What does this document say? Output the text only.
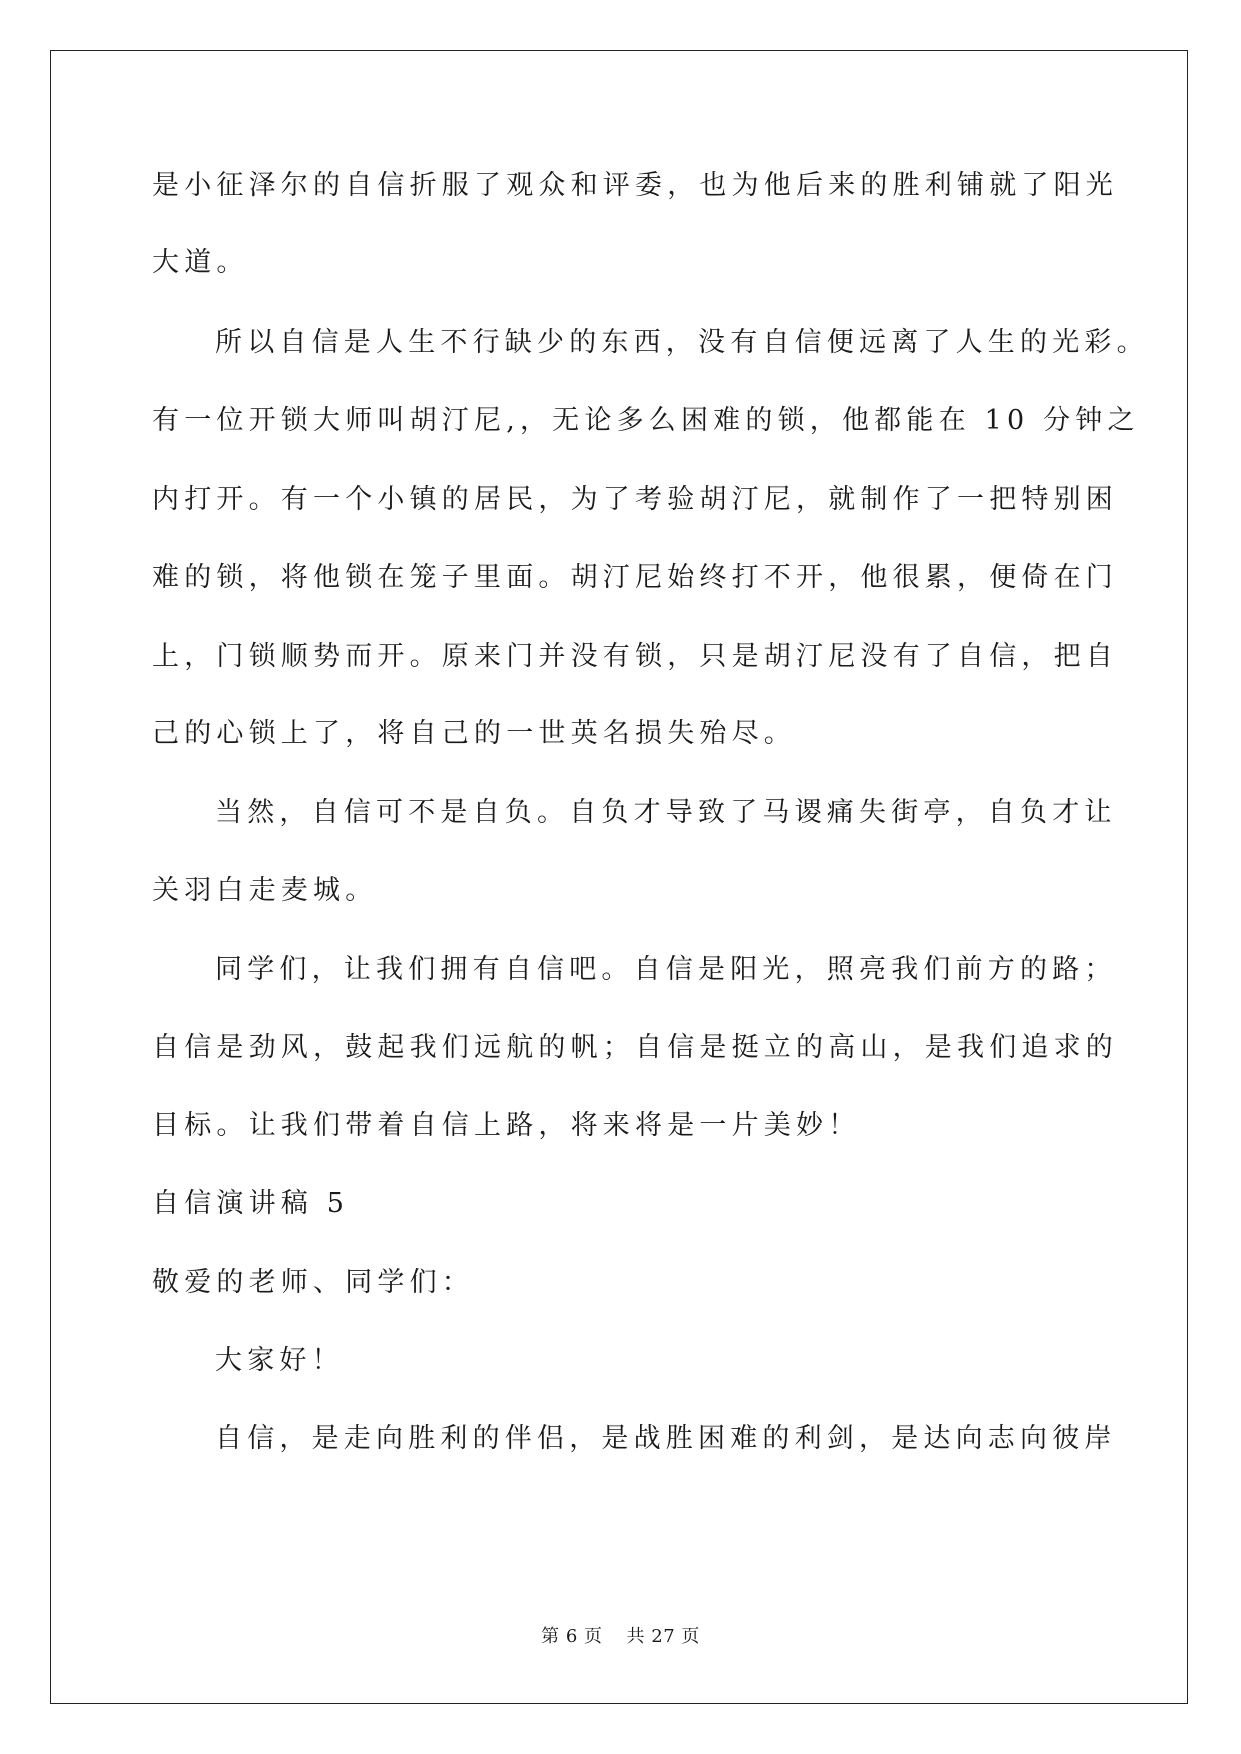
是小征泽尔的自信折服了观众和评委，也为他后来的胜利铺就了阳光
大道。
所以自信是人生不行缺少的东西，没有自信便远离了人生的光彩。
有一位开锁大师叫胡汀尼,，无论多么困难的锁，他都能在 10 分钟之
内打开。有一个小镇的居民，为了考验胡汀尼，就制作了一把特别困
难的锁，将他锁在笼子里面。胡汀尼始终打不开，他很累，便倚在门
上，门锁顺势而开。原来门并没有锁，只是胡汀尼没有了自信，把自
己的心锁上了，将自己的一世英名损失殆尽。
当然，自信可不是自负。自负才导致了马谡痛失街亭，自负才让
关羽白走麦城。
同学们，让我们拥有自信吧。自信是阳光，照亮我们前方的路；
自信是劲风，鼓起我们远航的帆；自信是挺立的高山，是我们追求的
目标。让我们带着自信上路，将来将是一片美妙！
自信演讲稿 5
敬爱的老师、同学们：
大家好！
自信，是走向胜利的伴侣，是战胜困难的利剑，是达向志向彼岸
第 6 页 共 27 页
